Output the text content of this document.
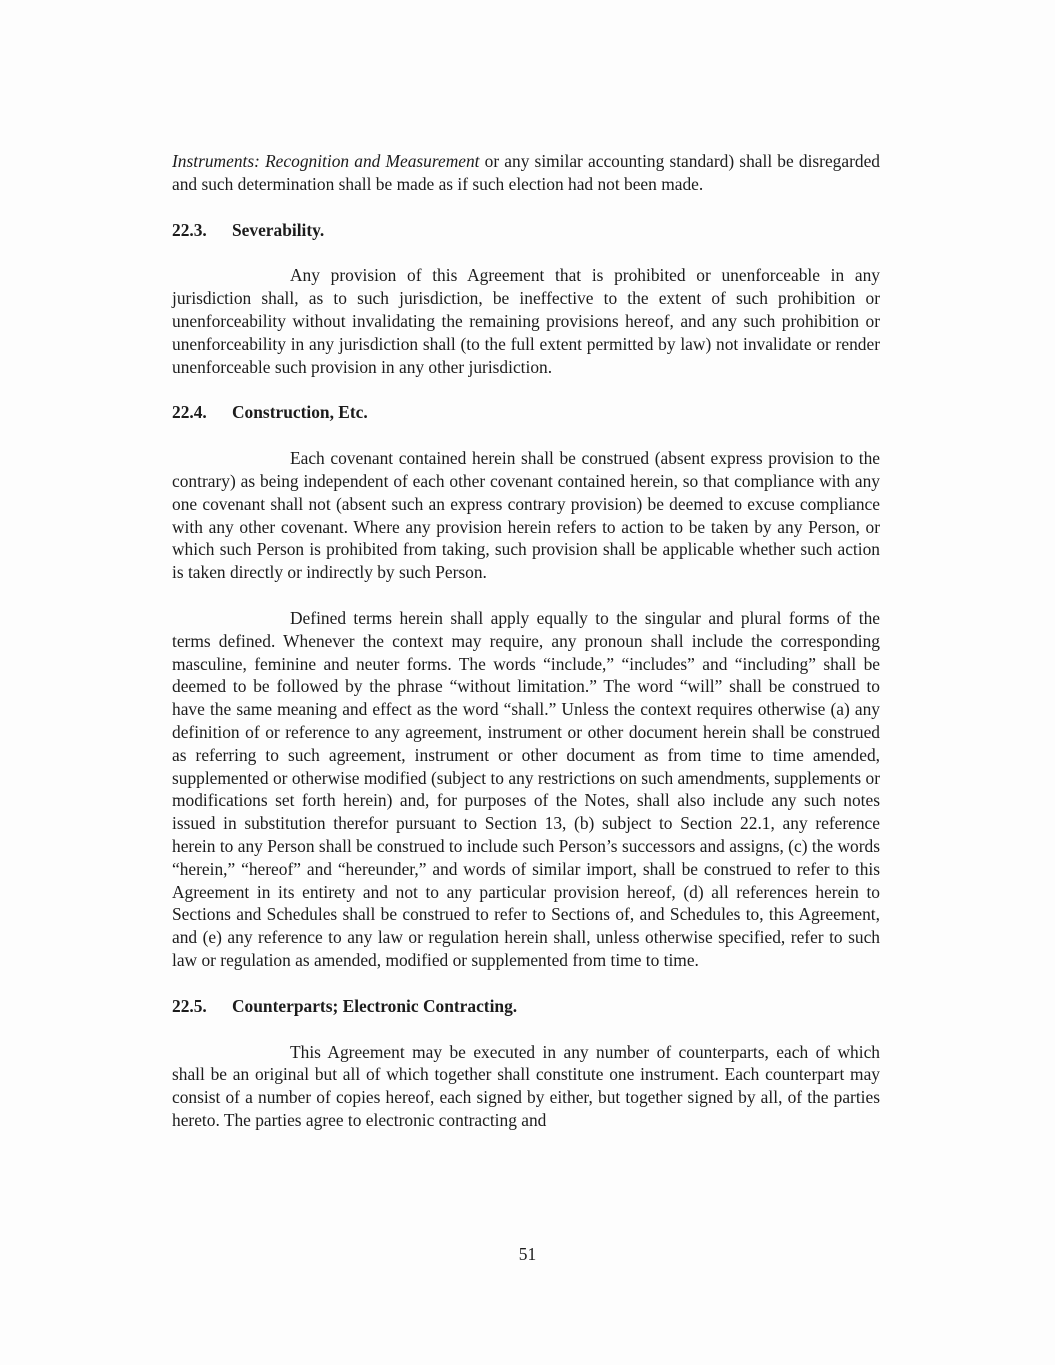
Instruments: Recognition and Measurement or any similar accounting standard) shall be disregarded and such determination shall be made as if such election had not been made.

22.3. Severability.

Any provision of this Agreement that is prohibited or unenforceable in any jurisdiction shall, as to such jurisdiction, be ineffective to the extent of such prohibition or unenforceability without invalidating the remaining provisions hereof, and any such prohibition or unenforceability in any jurisdiction shall (to the full extent permitted by law) not invalidate or render unenforceable such provision in any other jurisdiction.

22.4. Construction, Etc.

Each covenant contained herein shall be construed (absent express provision to the contrary) as being independent of each other covenant contained herein, so that compliance with any one covenant shall not (absent such an express contrary provision) be deemed to excuse compliance with any other covenant. Where any provision herein refers to action to be taken by any Person, or which such Person is prohibited from taking, such provision shall be applicable whether such action is taken directly or indirectly by such Person.

Defined terms herein shall apply equally to the singular and plural forms of the terms defined. Whenever the context may require, any pronoun shall include the corresponding masculine, feminine and neuter forms. The words “include,” “includes” and “including” shall be deemed to be followed by the phrase “without limitation.” The word “will” shall be construed to have the same meaning and effect as the word “shall.” Unless the context requires otherwise (a) any definition of or reference to any agreement, instrument or other document herein shall be construed as referring to such agreement, instrument or other document as from time to time amended, supplemented or otherwise modified (subject to any restrictions on such amendments, supplements or modifications set forth herein) and, for purposes of the Notes, shall also include any such notes issued in substitution therefor pursuant to Section 13, (b) subject to Section 22.1, any reference herein to any Person shall be construed to include such Person’s successors and assigns, (c) the words “herein,” “hereof” and “hereunder,” and words of similar import, shall be construed to refer to this Agreement in its entirety and not to any particular provision hereof, (d) all references herein to Sections and Schedules shall be construed to refer to Sections of, and Schedules to, this Agreement, and (e) any reference to any law or regulation herein shall, unless otherwise specified, refer to such law or regulation as amended, modified or supplemented from time to time.

22.5. Counterparts; Electronic Contracting.

This Agreement may be executed in any number of counterparts, each of which shall be an original but all of which together shall constitute one instrument. Each counterpart may consist of a number of copies hereof, each signed by either, but together signed by all, of the parties hereto. The parties agree to electronic contracting and

51
